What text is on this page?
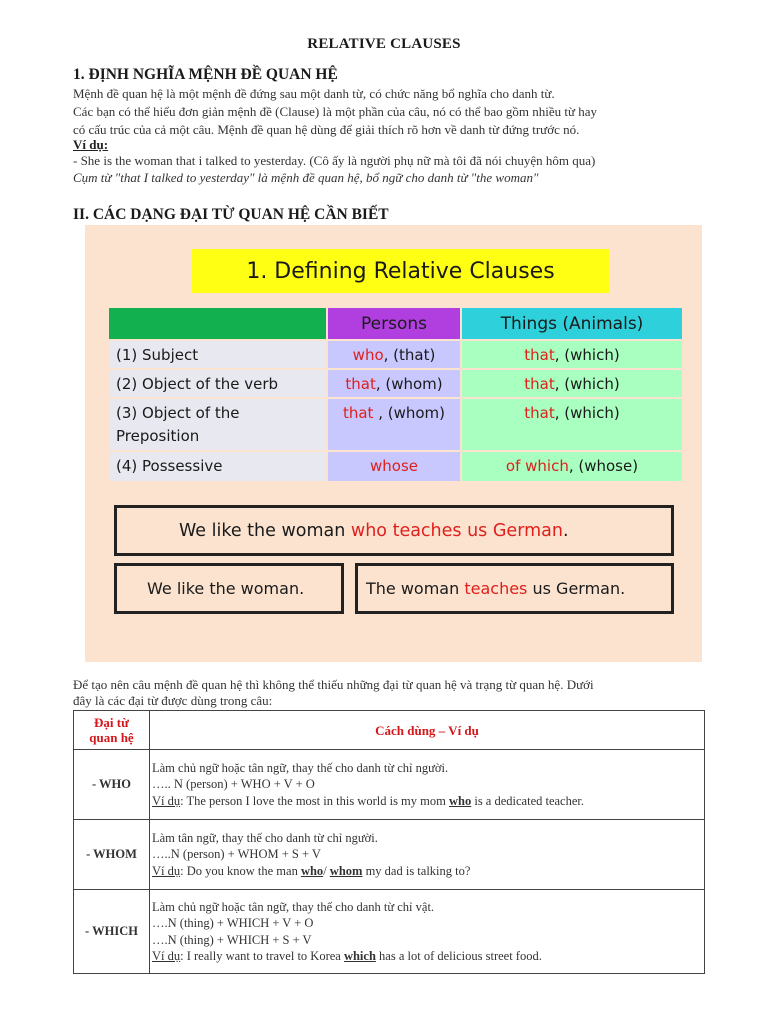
RELATIVE CLAUSES
1. ĐỊNH NGHĨA MỆNH ĐỀ QUAN HỆ
Mệnh đề quan hệ là một mệnh đề đứng sau một danh từ, có chức năng bổ nghĩa cho danh từ.
Các bạn có thể hiểu đơn giản mệnh đề (Clause) là một phần của câu, nó có thể bao gồm nhiều từ hay
có cấu trúc của cả một câu. Mệnh đề quan hệ dùng để giải thích rõ hơn về danh từ đứng trước nó.
Ví dụ:
- She is the woman that i talked to yesterday. (Cô ấy là người phụ nữ mà tôi đã nói chuyện hôm qua)
Cụm từ "that I talked to yesterday" là mệnh đề quan hệ, bổ ngữ cho danh từ "the woman"
II. CÁC DẠNG ĐẠI TỪ QUAN HỆ CẦN BIẾT
1. Defining Relative Clauses
Persons	Things (Animals)
(1) Subject	who, (that)	that, (which)
(2) Object of the verb	that, (whom)	that, (which)
(3) Object of the
Preposition
that , (whom)	that, (which)
(4) Possessive	whose	of which, (whose)
We like the woman who teaches us German .
We like the woman.	The woman teaches us German.
Để tạo nên câu mệnh đề quan hệ thì không thể thiếu những đại từ quan hệ và trạng từ quan hệ. Dưới
đây là các đại từ được dùng trong câu:
Đại từ
quan hệ	Cách dùng – Ví dụ
- WHO	Làm chủ ngữ hoặc tân ngữ, thay thế cho danh từ chỉ người.
….. N (person) + WHO + V + O
Ví dụ: The person I love the most in this world is my mom who is a dedicated teacher.

- WHOM	Làm tân ngữ, thay thế cho danh từ chỉ người.
…..N (person) + WHOM + S + V
Ví dụ: Do you know the man who/ whom my dad is talking to?

- WHICH	Làm chủ ngữ hoặc tân ngữ, thay thế cho danh từ chỉ vật.
….N (thing) + WHICH + V + O
….N (thing) + WHICH + S + V
Ví dụ: I really want to travel to Korea which has a lot of delicious street food.
